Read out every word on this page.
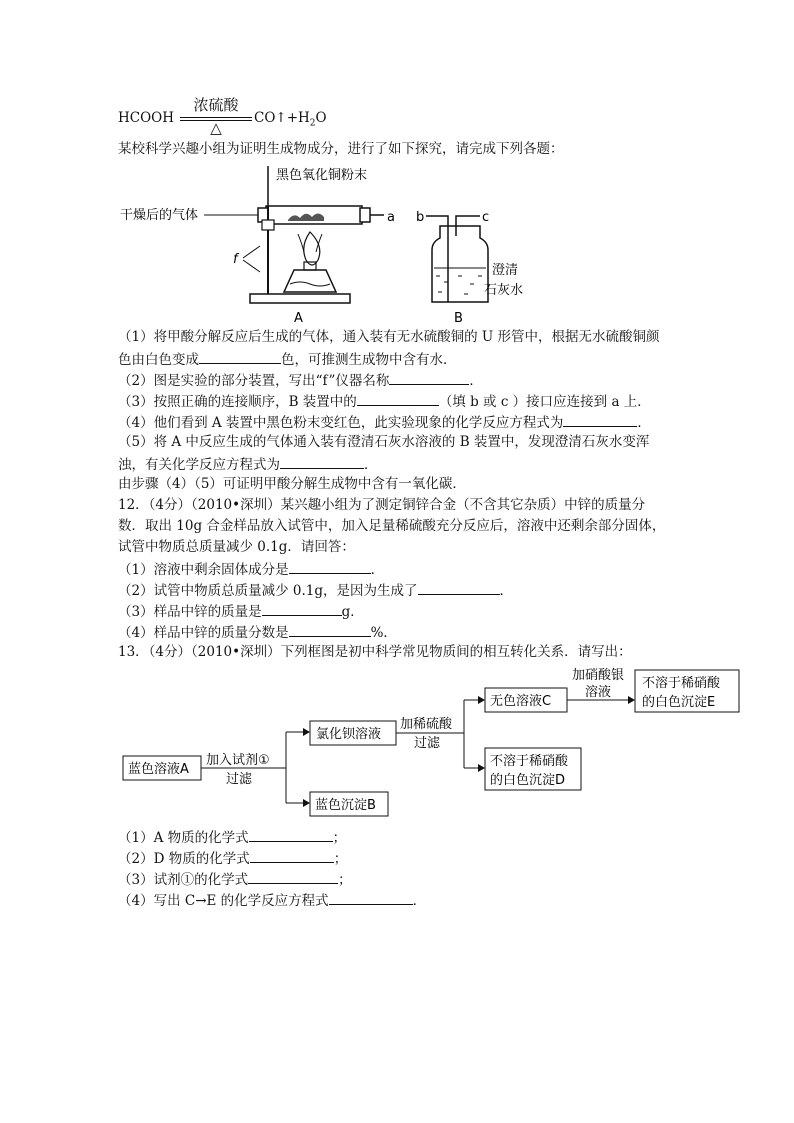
HCOOH
浓硫酸
△
$CO↑+H_2O$
某校科学兴趣小组为证明生成物成分，进行了如下探究，请完成下列各题：
黑色氧化铜粉末
干燥后的气体	a
f
A
b	c
澄清
石灰水
B
（1）将甲酸分解反应后生成的气体，通入装有无水硫酸铜的 U 形管中，根据无水硫酸铜颜
色由白色变成	色，可推测生成物中含有水．
（2）图是实验的部分装置，写出“f”仪器名称	．
（3）按照正确的连接顺序，B 装置中的	（填 b 或 c ）接口应连接到 a 上．
（4）他们看到 A 装置中黑色粉末变红色，此实验现象的化学反应方程式为	．
（5）将 A 中反应生成的气体通入装有澄清石灰水溶液的 B 装置中，发现澄清石灰水变浑
浊，有关化学反应方程式为	．
由步骤（4）（5）可证明甲酸分解生成物中含有一氧化碳．
12．（4分）（2010•深圳）某兴趣小组为了测定铜锌合金（不含其它杂质）中锌的质量分
数．取出 10g 合金样品放入试管中，加入足量稀硫酸充分反应后，溶液中还剩余部分固体，
试管中物质总质量减少 0.1g．请回答：
（1）溶液中剩余固体成分是	．
（2）试管中物质总质量减少 0.1g，是因为生成了	．
（3）样品中锌的质量是	g．
（4）样品中锌的质量分数是	%．
13．（4分）（2010•深圳）下列框图是初中科学常见物质间的相互转化关系．请写出：
蓝色溶液A
加入试剂①
过滤
氯化钡溶液
蓝色沉淀B
加稀硫酸
过滤
无色溶液C
不溶于稀硝酸
的白色沉淀D
加硝酸银
溶液
不溶于稀硝酸
的白色沉淀E
（1）A 物质的化学式	；
（2）D 物质的化学式	；
（3）试剂①的化学式	；
（4）写出 C→E 的化学反应方程式	．
